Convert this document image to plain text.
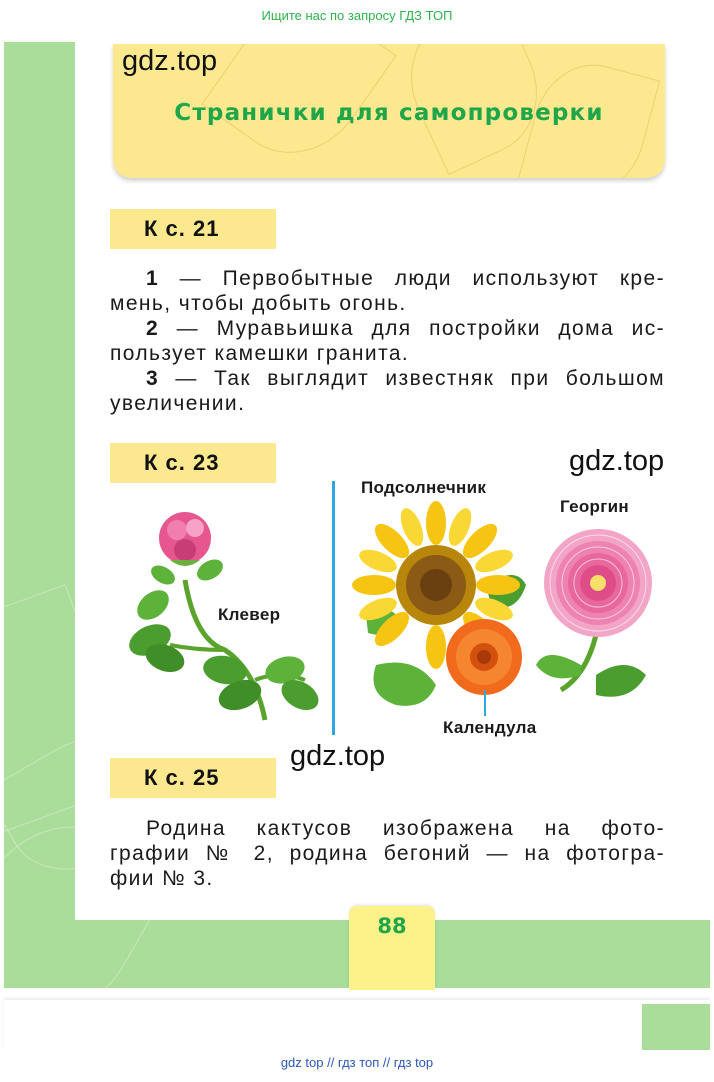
Ищите нас по запросу ГДЗ ТОП
Странички для самопроверки
gdz.top
gdz.top
gdz.top
К с. 21
1 — Первобытные люди используют кре-
мень, чтобы добыть огонь.
2 — Муравьишка для постройки дома ис-
пользует камешки гранита.
3 — Так выглядит известняк при большом
увеличении.
К с. 23
Клевер
Подсолнечник
Календула
Георгин
К с. 25
Родина кактусов изображена на фото-
графии № 2, родина бегоний — на фотогра-
фии № 3.
88
gdz top // гдз топ // гдз top
